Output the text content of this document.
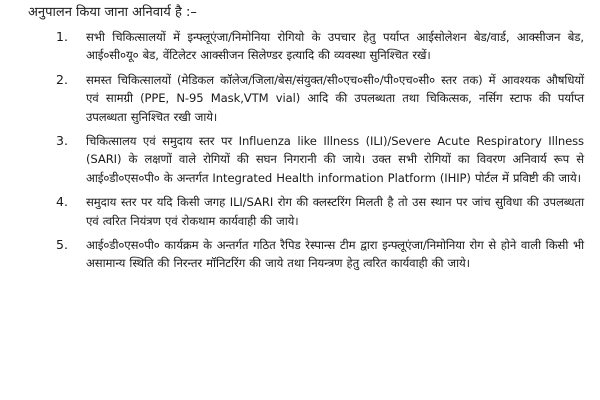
अनुपालन किया जाना अनिवार्य है :–

1.	सभी चिकित्सालयों में इन्फ्लूएंजा/निमोनिया रोगियो के उपचार हेतु पर्याप्त आईसोलेशन बेड/वार्ड, आक्सीजन बेड, आई०सी०यू० बेड, वेंटिलेटर आक्सीजन सिलेण्डर इत्यादि की व्यवस्था सुनिश्चित रखें।
2.	समस्त चिकित्सालयों (मेडिकल कॉलेज/जिला/बेस/संयुक्त/सी०एच०सी०/पी०एच०सी० स्तर तक) में आवश्यक औषधियों एवं सामग्री (PPE, N-95 Mask,VTM vial) आदि की उपलब्धता तथा चिकित्सक, नर्सिग स्टाफ की पर्याप्त उपलब्धता सुनिश्चित रखी जाये।
3.	चिकित्सालय एवं समुदाय स्तर पर Influenza like Illness (ILI)/Severe Acute Respiratory Illness (SARI) के लक्षणों वाले रोगियों की सघन निगरानी की जाये। उक्त सभी रोगियों का विवरण अनिवार्य रूप से आई०डी०एस०पी० के अन्तर्गत Integrated Health information Platform (IHIP) पोर्टल में प्रविष्टी की जाये।
4.	समुदाय स्तर पर यदि किसी जगह ILI/SARI रोग की क्लस्टरिंग मिलती है तो उस स्थान पर जांच सुविधा की उपलब्धता एवं त्वरित नियंत्रण एवं रोकथाम कार्यवाही की जाये।
5.	आई०डी०एस०पी० कार्यक्रम के अन्तर्गत गठित रैपिड रेस्पान्स टीम द्वारा इन्फ्लूएंजा/निमोनिया रोग से होने वाली किसी भी असामान्य स्थिति की निरन्तर मॉनिटरिंग की जाये तथा नियन्त्रण हेतु त्वरित कार्यवाही की जाये।
